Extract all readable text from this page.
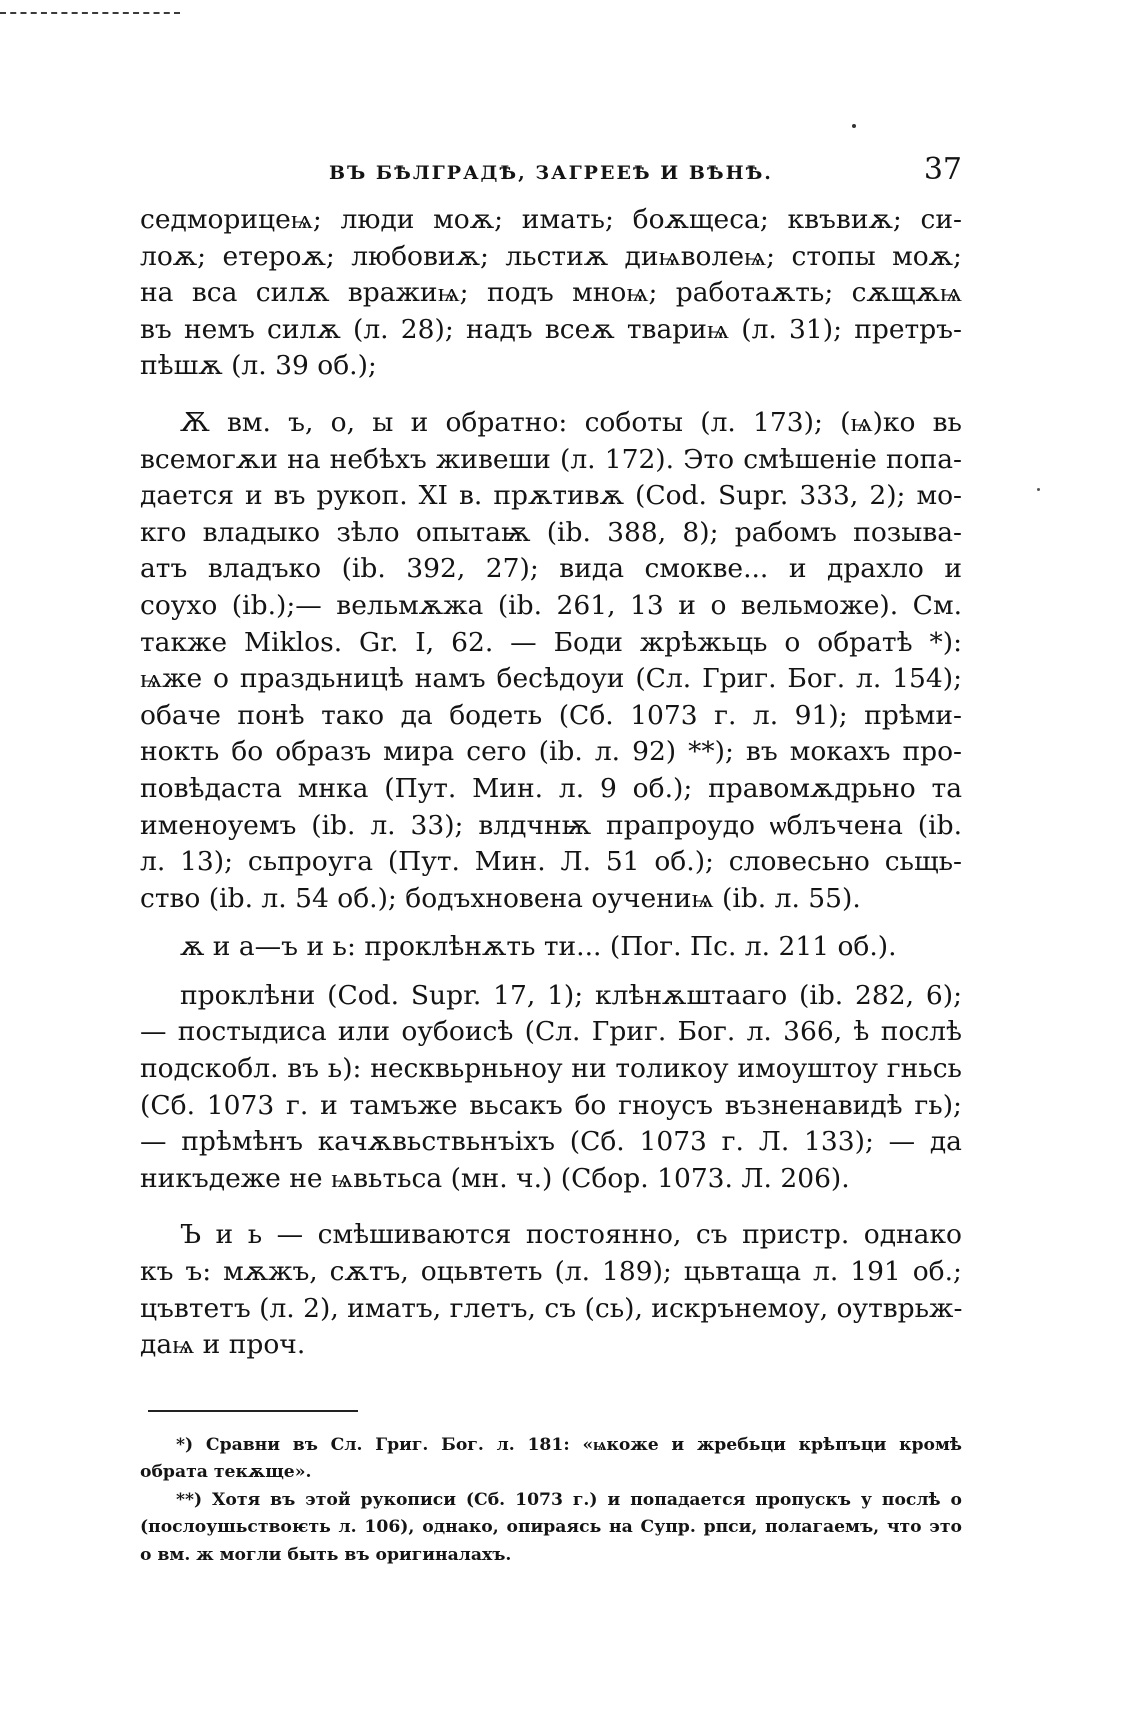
ВЪ БѢЛГРАДѢ, ЗАГРЕЕѢ И ВѢНѢ.	37
седморицеѩ; люди моѫ; имать; боѫщеса; квъвиѫ; си-
лоѫ; етероѫ; любовиѫ; льстиѫ диѩволеѩ; стопы моѫ;
на вса силѫ вражиѩ; подъ мноѩ; работаѫть; сѫщѫѩ
въ немъ силѫ (л. 28); надъ всеѫ твариѩ (л. 31); претръ-
пѣшѫ (л. 39 об.);
Ѫ вм. ъ, о, ы и обратно: соботы (л. 173); (ѩ)ко вь
всемогѫи на небѣхъ живеши (л. 172). Это смѣшеніе попа-
дается и въ рукоп. XI в. прѫтивѫ (Cod. Supr. 333, 2); мо-
кго владыко зѣло опытаѭ (ib. 388, 8); рабомъ позыва-
атъ владъко (ib. 392, 27); вида смокве... и драхло и
соухо (ib.);— вельмѫжа (ib. 261, 13 и о вельможе). См.
также Miklos. Gr. I, 62. — Боди жрѣжьць о обратѣ *):
ѩже о праздьницѣ намъ бесѣдоуи (Сл. Григ. Бог. л. 154);
обаче понѣ тако да бодеть (Сб. 1073 г. л. 91); прѣми-
нокть бо образъ мира сего (ib. л. 92) **); въ мокахъ про-
повѣдаста мнка (Пут. Мин. л. 9 об.); правомѫдрьно та
именоуемъ (ib. л. 33); влдчнѭ прапроудо ѡблъчена (ib.
л. 13); сьпроуга (Пут. Мин. Л. 51 об.); словесьно сьщь-
ство (ib. л. 54 об.); бодъхновена оучениѩ (ib. л. 55).
ѫ и а—ъ и ь: проклѣнѫть ти... (Пог. Пс. л. 211 об.).
проклѣни (Cod. Supr. 17, 1); клѣнѫштааго (ib. 282, 6);
— постыдиса или оубоисѣ (Сл. Григ. Бог. л. 366, ѣ послѣ
подскобл. въ ь): несквьрньноу ни толикоу имоуштоу гньсь
(Сб. 1073 г. и тамъже вьсакъ бо гноусъ възненавидѣ гь);
— прѣмѣнъ качѫвьствьнъіхъ (Сб. 1073 г. Л. 133); — да
никъдеже не ѩвьтьса (мн. ч.) (Сбор. 1073. Л. 206).
Ъ и ь — смѣшиваются постоянно, съ пристр. однако
къ ъ: мѫжъ, сѫтъ, оцьвтеть (л. 189); цьвтаща л. 191 об.;
цъвтетъ (л. 2), иматъ, глетъ, съ (сь), искрънемоу, оутврьж-
даѩ и проч.
*) Сравни въ Сл. Григ. Бог. л. 181: «ѩкоже и жребьци крѣпъци кромѣ
обрата текѫще».
**) Хотя въ этой рукописи (Сб. 1073 г.) и попадается пропускъ у послѣ о
(послоушьствоѥть л. 106), однако, опираясь на Супр. рпси, полагаемъ, что это
о вм. ж могли быть въ оригиналахъ.
